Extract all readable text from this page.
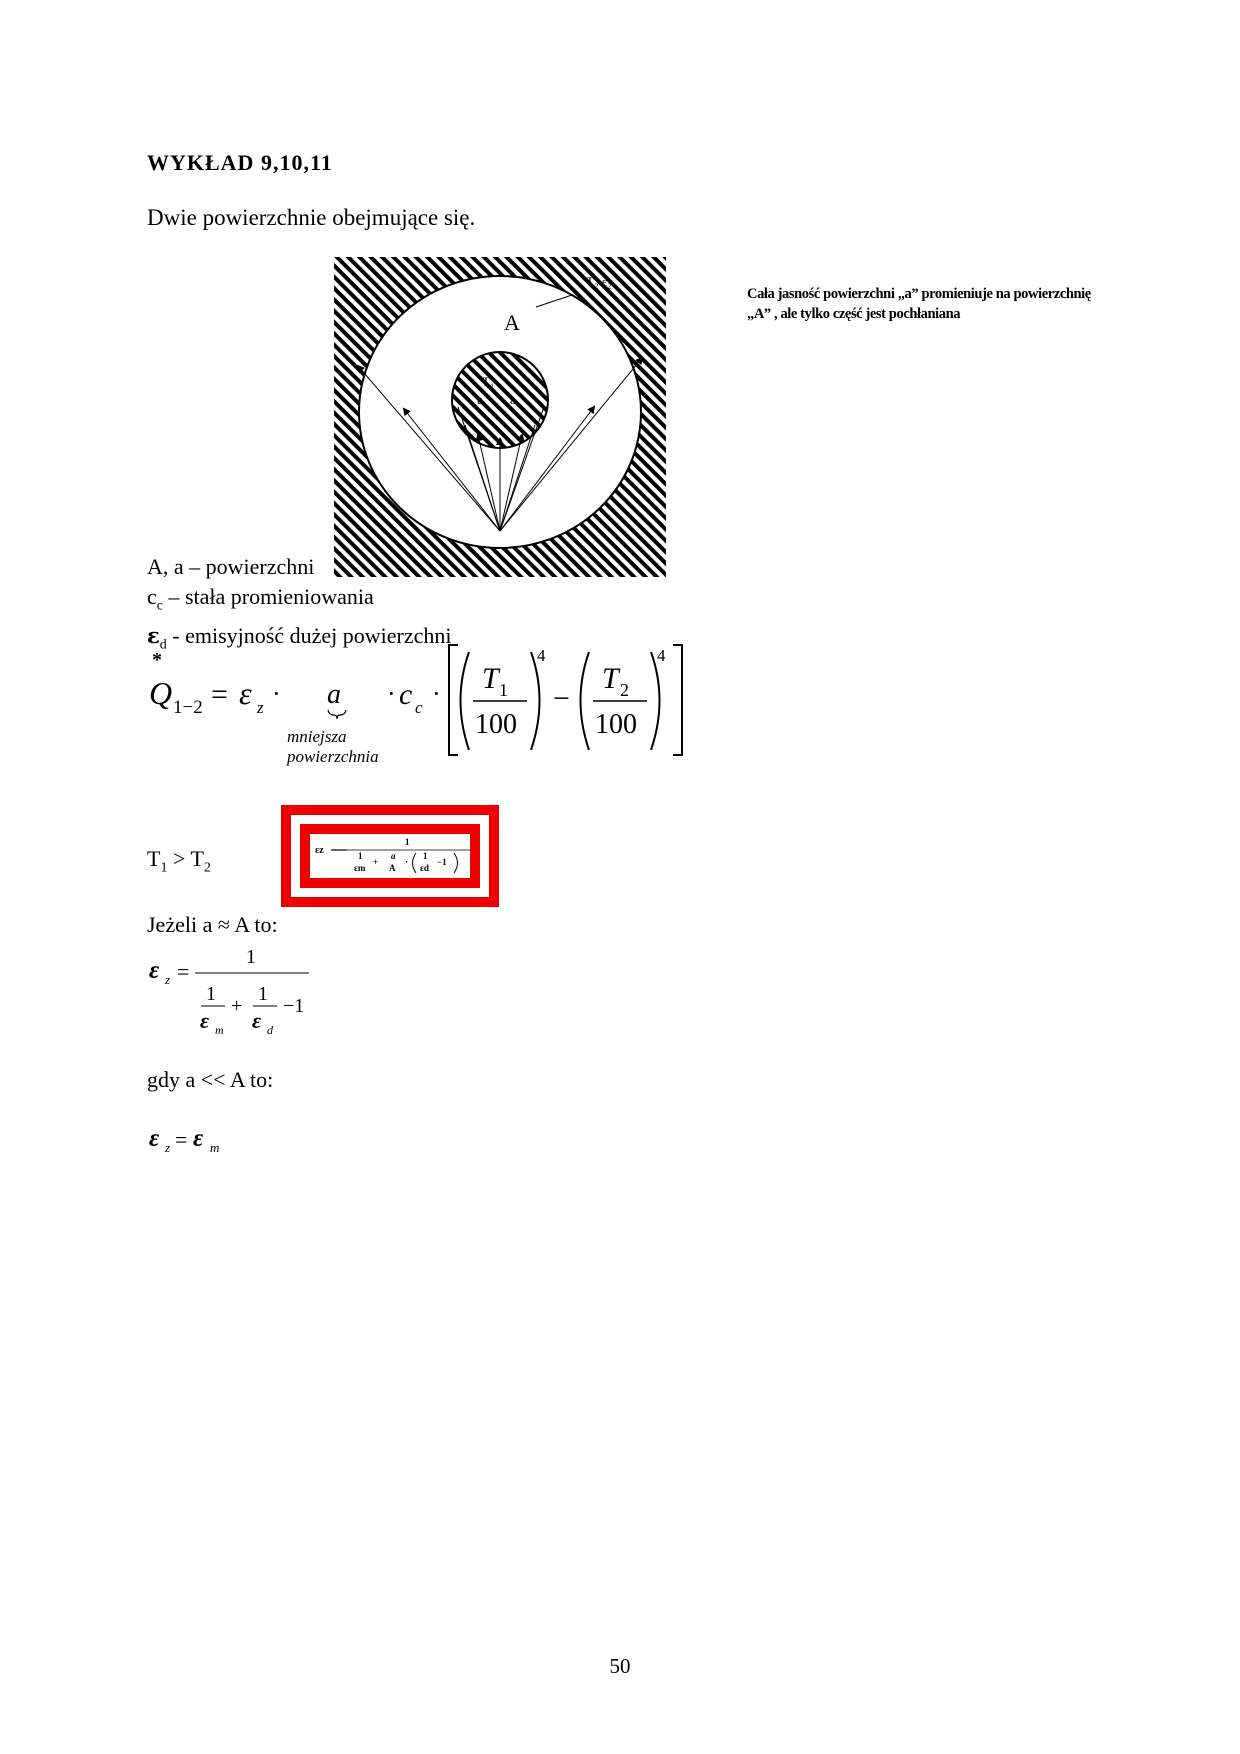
WYKŁAD 9,10,11
Dwie powierzchnie obejmujące się.
A
T₂ ε₂
T₁
ε₁ a
Cała jasność powierzchni „a” promieniuje na powierzchnię „A” , ale tylko część jest pochłaniana
A, a – powierzchni
$c_c$ – stała promieniowania
$\varepsilon_d$ - emisyjność dużej powierzchni
*
Q 1−2 = ε z · a
mniejsza
powierzchnia
· c c · T 1
100
4
−
T 2
100
4
$T_1 > T_2$
εz
1
1
εm
+
a
A
·
1
εd
−1
Jeżeli a ≈ A to:
ε z =
1
1
ε m
+
1
ε d
−1
gdy a << A to:
ε z = ε m
50
